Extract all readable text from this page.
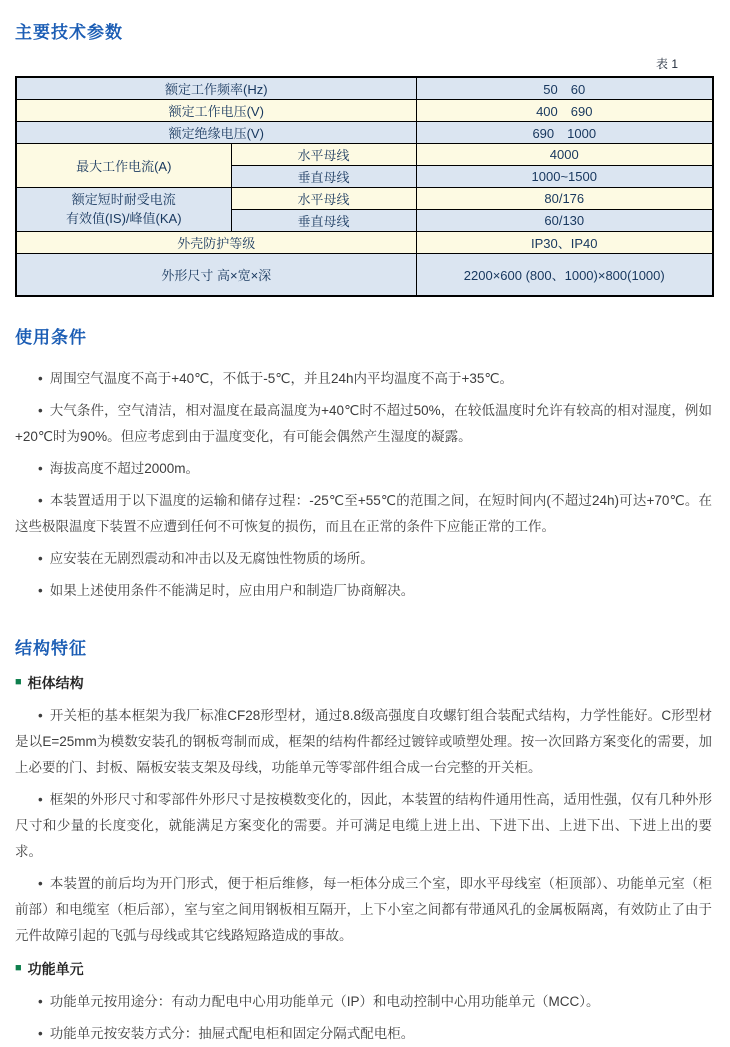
主要技术参数
表 1
额定工作频率(Hz)		50　60
额定工作电压(V)		400　690
额定绝缘电压(V)		690　1000
最大工作电流(A)	水平母线	4000
	垂直母线	1000~1500
额定短时耐受电流
有效值(IS)/峰值(KA)	水平母线	80/176
	垂直母线	60/130
外壳防护等级		IP30、IP40
外形尺寸 高×宽×深		2200×600 (800、1000)×800(1000)
使用条件

• 周围空气温度不高于+40℃，不低于-5℃，并且24h内平均温度不高于+35℃。

• 大气条件，空气清洁，相对温度在最高温度为+40℃时不超过50%，在较低温度时允许有较高的相对湿度，例如+20℃时为90%。但应考虑到由于温度变化，有可能会偶然产生湿度的凝露。

• 海拔高度不超过2000m。

• 本装置适用于以下温度的运输和储存过程：-25℃至+55℃的范围之间，在短时间内(不超过24h)可达+70℃。在这些极限温度下装置不应遭到任何不可恢复的损伤，而且在正常的条件下应能正常的工作。

• 应安装在无剧烈震动和冲击以及无腐蚀性物质的场所。

• 如果上述使用条件不能满足时，应由用户和制造厂协商解决。

结构特征
■ 柜体结构

• 开关柜的基本框架为我厂标准CF28形型材，通过8.8级高强度自攻螺钉组合装配式结构，力学性能好。C形型材是以E=25mm为模数安装孔的钢板弯制而成，框架的结构件都经过镀锌或喷塑处理。按一次回路方案变化的需要，加上必要的门、封板、隔板安装支架及母线，功能单元等零部件组合成一台完整的开关柜。

• 框架的外形尺寸和零部件外形尺寸是按模数变化的，因此，本装置的结构件通用性高，适用性强，仅有几种外形尺寸和少量的长度变化，就能满足方案变化的需要。并可满足电缆上进上出、下进下出、上进下出、下进上出的要求。

• 本装置的前后均为开门形式，便于柜后维修，每一柜体分成三个室，即水平母线室（柜顶部）、功能单元室（柜前部）和电缆室（柜后部），室与室之间用钢板相互隔开，上下小室之间都有带通风孔的金属板隔离，有效防止了由于元件故障引起的飞弧与母线或其它线路短路造成的事故。

■ 功能单元

• 功能单元按用途分：有动力配电中心用功能单元（IP）和电动控制中心用功能单元（MCC）。

• 功能单元按安装方式分：抽屉式配电柜和固定分隔式配电柜。
